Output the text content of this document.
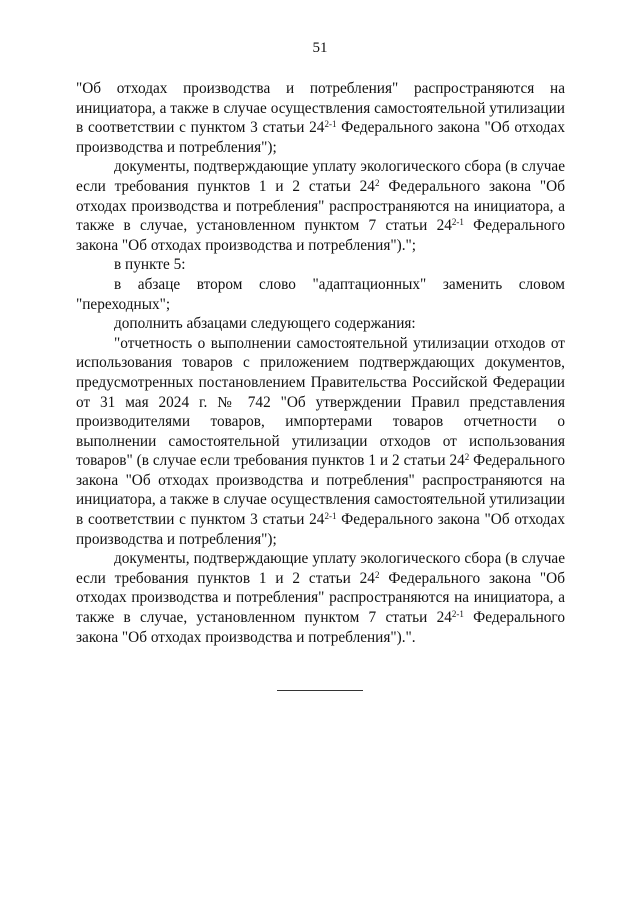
51

"Об отходах производства и потребления" распространяются на инициатора, а также в случае осуществления самостоятельной утилизации в соответствии с пунктом 3 статьи 24$^{2-1}$ Федерального закона "Об отходах производства и потребления");

документы, подтверждающие уплату экологического сбора (в случае если требования пунктов 1 и 2 статьи $24^2$ Федерального закона "Об отходах производства и потребления" распространяются на инициатора, а также в случае, установленном пунктом 7 статьи 24$^{2-1}$ Федерального закона "Об отходах производства и потребления").";

в пункте 5:

в абзаце втором слово "адаптационных" заменить словом "переходных";

дополнить абзацами следующего содержания:

"отчетность о выполнении самостоятельной утилизации отходов от использования товаров с приложением подтверждающих документов, предусмотренных постановлением Правительства Российской Федерации от 31 мая 2024 г. № 742 "Об утверждении Правил представления производителями товаров, импортерами товаров отчетности о выполнении самостоятельной утилизации отходов от использования товаров" (в случае если требования пунктов 1 и 2 статьи $24^2$ Федерального закона "Об отходах производства и потребления" распространяются на инициатора, а также в случае осуществления самостоятельной утилизации в соответствии с пунктом 3 статьи 24$^{2-1}$ Федерального закона "Об отходах производства и потребления");

документы, подтверждающие уплату экологического сбора (в случае если требования пунктов 1 и 2 статьи $24^2$ Федерального закона "Об отходах производства и потребления" распространяются на инициатора, а также в случае, установленном пунктом 7 статьи 24$^{2-1}$ Федерального закона "Об отходах производства и потребления").".
